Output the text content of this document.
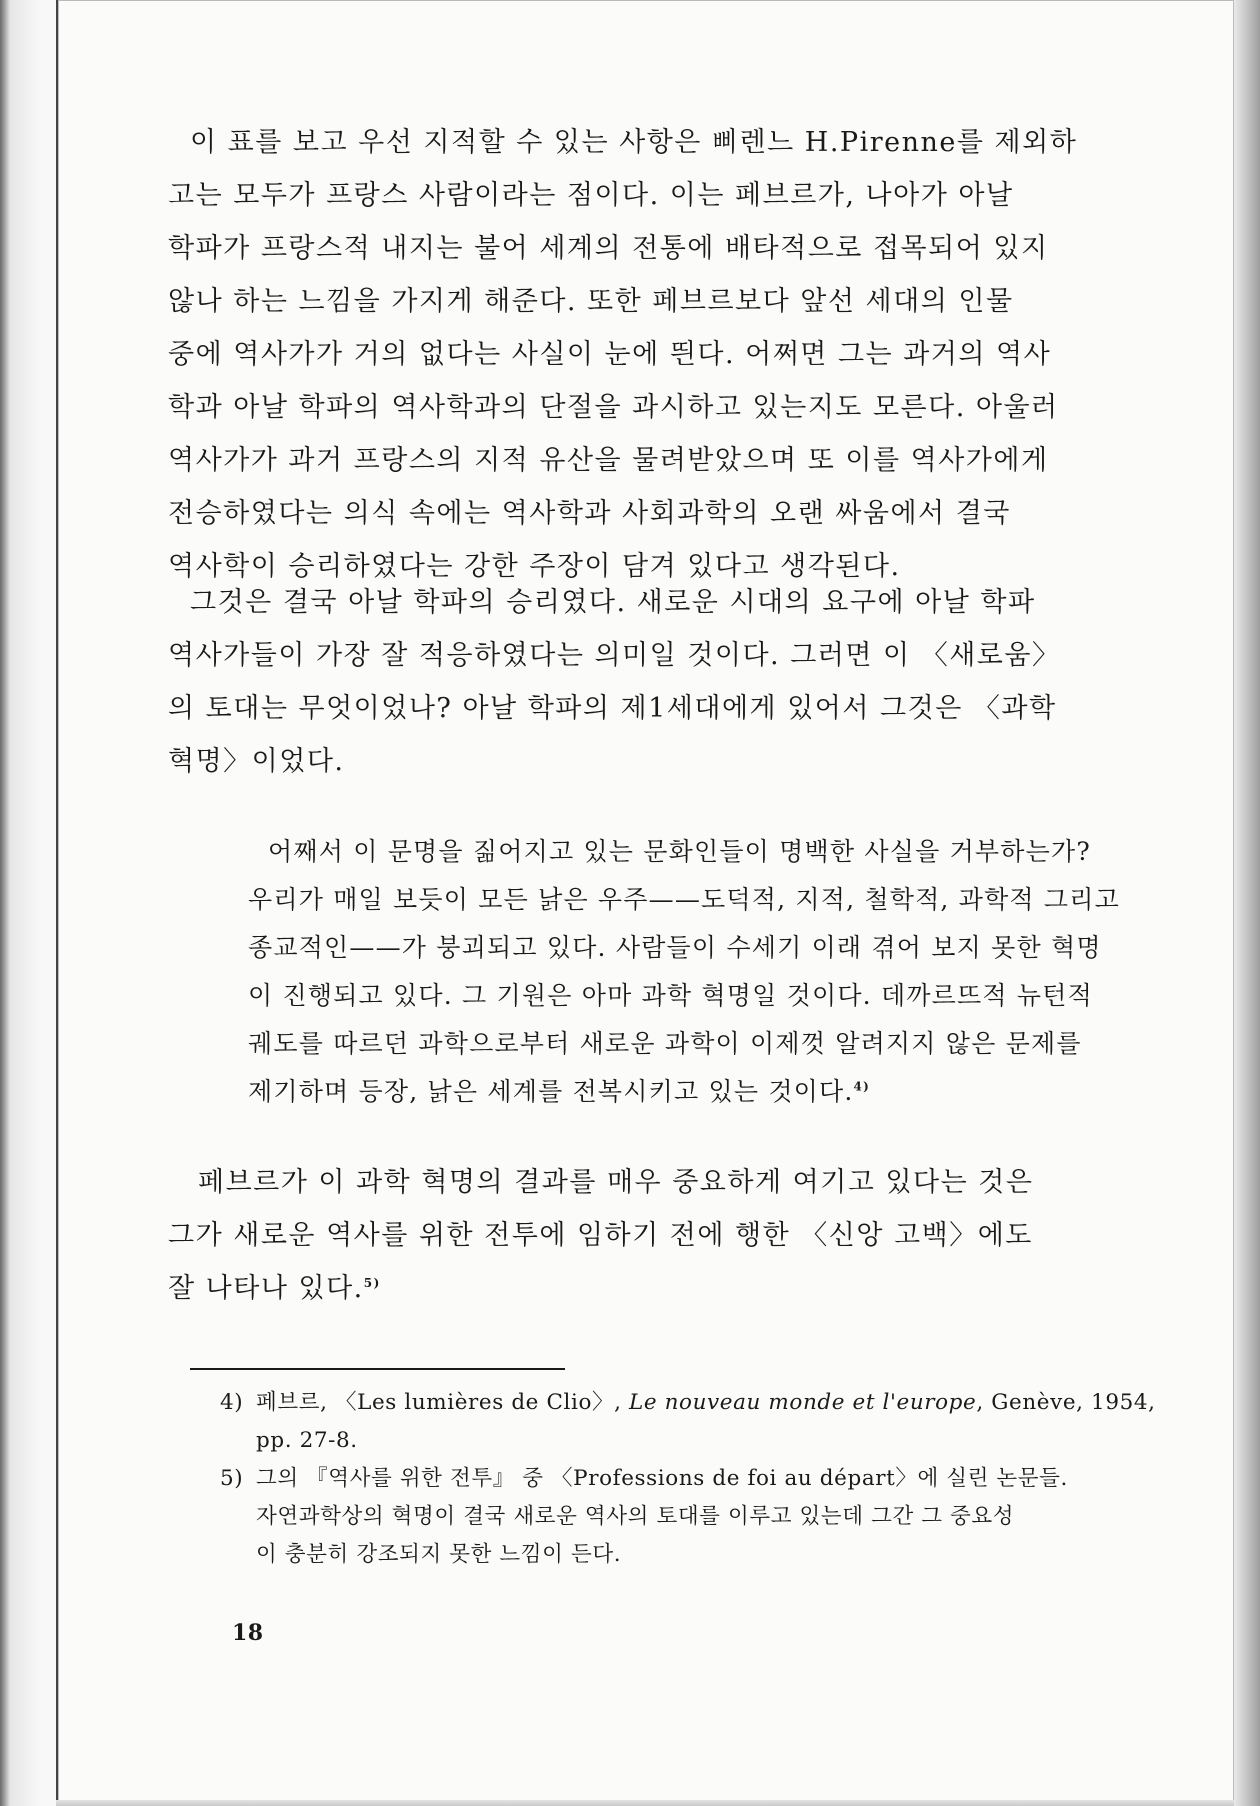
이 표를 보고 우선 지적할 수 있는 사항은 삐렌느 H.Pirenne를 제외하
고는 모두가 프랑스 사람이라는 점이다. 이는 페브르가, 나아가 아날
학파가 프랑스적 내지는 불어 세계의 전통에 배타적으로 접목되어 있지
않나 하는 느낌을 가지게 해준다. 또한 페브르보다 앞선 세대의 인물
중에 역사가가 거의 없다는 사실이 눈에 띈다. 어쩌면 그는 과거의 역사
학과 아날 학파의 역사학과의 단절을 과시하고 있는지도 모른다. 아울러
역사가가 과거 프랑스의 지적 유산을 물려받았으며 또 이를 역사가에게
전승하였다는 의식 속에는 역사학과 사회과학의 오랜 싸움에서 결국
역사학이 승리하였다는 강한 주장이 담겨 있다고 생각된다.
그것은 결국 아날 학파의 승리였다. 새로운 시대의 요구에 아날 학파
역사가들이 가장 잘 적응하였다는 의미일 것이다. 그러면 이 〈새로움〉
의 토대는 무엇이었나? 아날 학파의 제1세대에게 있어서 그것은 〈과학
혁명〉이었다.
어째서 이 문명을 짊어지고 있는 문화인들이 명백한 사실을 거부하는가?
우리가 매일 보듯이 모든 낡은 우주——도덕적, 지적, 철학적, 과학적 그리고
종교적인——가 붕괴되고 있다. 사람들이 수세기 이래 겪어 보지 못한 혁명
이 진행되고 있다. 그 기원은 아마 과학 혁명일 것이다. 데까르뜨적 뉴턴적
궤도를 따르던 과학으로부터 새로운 과학이 이제껏 알려지지 않은 문제를
제기하며 등장, 낡은 세계를 전복시키고 있는 것이다.$^{4)}$
페브르가 이 과학 혁명의 결과를 매우 중요하게 여기고 있다는 것은
그가 새로운 역사를 위한 전투에 임하기 전에 행한 〈신앙 고백〉에도
잘 나타나 있다.$^{5)}$
4) 페브르, 〈Les lumières de Clio〉, Le nouveau monde et l'europe, Genève, 1954,
pp. 27-8.
5) 그의 『역사를 위한 전투』 중 〈Professions de foi au départ〉에 실린 논문들.
자연과학상의 혁명이 결국 새로운 역사의 토대를 이루고 있는데 그간 그 중요성
이 충분히 강조되지 못한 느낌이 든다.
18
